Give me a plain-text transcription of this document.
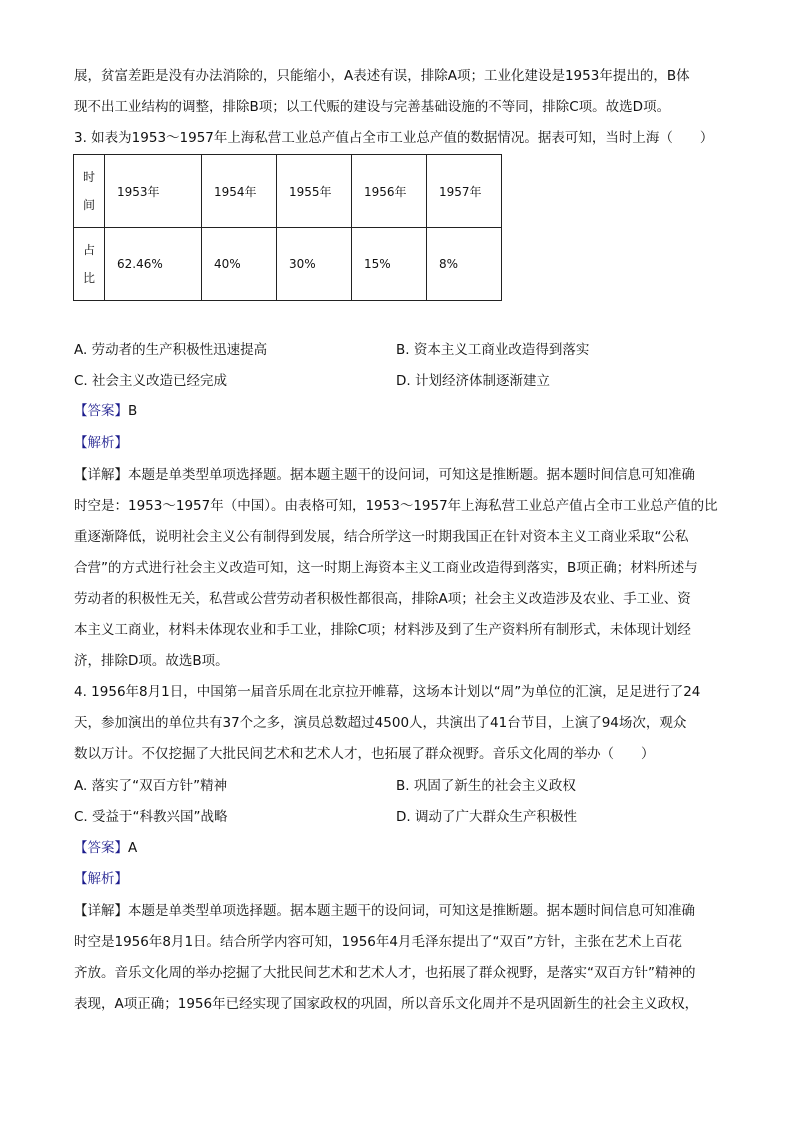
展，贫富差距是没有办法消除的，只能缩小，A表述有误，排除A项；工业化建设是1953年提出的，B体
现不出工业结构的调整，排除B项；以工代赈的建设与完善基础设施的不等同，排除C项。故选D项。
3. 如表为1953～1957年上海私营工业总产值占全市工业总产值的数据情况。据表可知，当时上海（　　）
时
间	1953年	1954年	1955年	1956年	1957年

占
比	62.46%	40%	30%	15%	8%
A. 劳动者的生产积极性迅速提高	B. 资本主义工商业改造得到落实
C. 社会主义改造已经完成	D. 计划经济体制逐渐建立
【答案】B
【解析】
【详解】本题是单类型单项选择题。据本题主题干的设问词，可知这是推断题。据本题时间信息可知准确
时空是：1953～1957年（中国）。由表格可知，1953～1957年上海私营工业总产值占全市工业总产值的比
重逐渐降低，说明社会主义公有制得到发展，结合所学这一时期我国正在针对资本主义工商业采取“公私
合营”的方式进行社会主义改造可知，这一时期上海资本主义工商业改造得到落实，B项正确；材料所述与
劳动者的积极性无关，私营或公营劳动者积极性都很高，排除A项；社会主义改造涉及农业、手工业、资
本主义工商业，材料未体现农业和手工业，排除C项；材料涉及到了生产资料所有制形式，未体现计划经
济，排除D项。故选B项。
4. 1956年8月1日，中国第一届音乐周在北京拉开帷幕，这场本计划以“周”为单位的汇演，足足进行了24
天，参加演出的单位共有37个之多，演员总数超过4500人，共演出了41台节目，上演了94场次，观众
数以万计。不仅挖掘了大批民间艺术和艺术人才，也拓展了群众视野。音乐文化周的举办（　　）
A. 落实了“双百方针”精神	B. 巩固了新生的社会主义政权
C. 受益于“科教兴国”战略	D. 调动了广大群众生产积极性
【答案】A
【解析】
【详解】本题是单类型单项选择题。据本题主题干的设问词，可知这是推断题。据本题时间信息可知准确
时空是1956年8月1日。结合所学内容可知，1956年4月毛泽东提出了“双百”方针，主张在艺术上百花
齐放。音乐文化周的举办挖掘了大批民间艺术和艺术人才，也拓展了群众视野，是落实“双百方针”精神的
表现，A项正确；1956年已经实现了国家政权的巩固，所以音乐文化周并不是巩固新生的社会主义政权，
